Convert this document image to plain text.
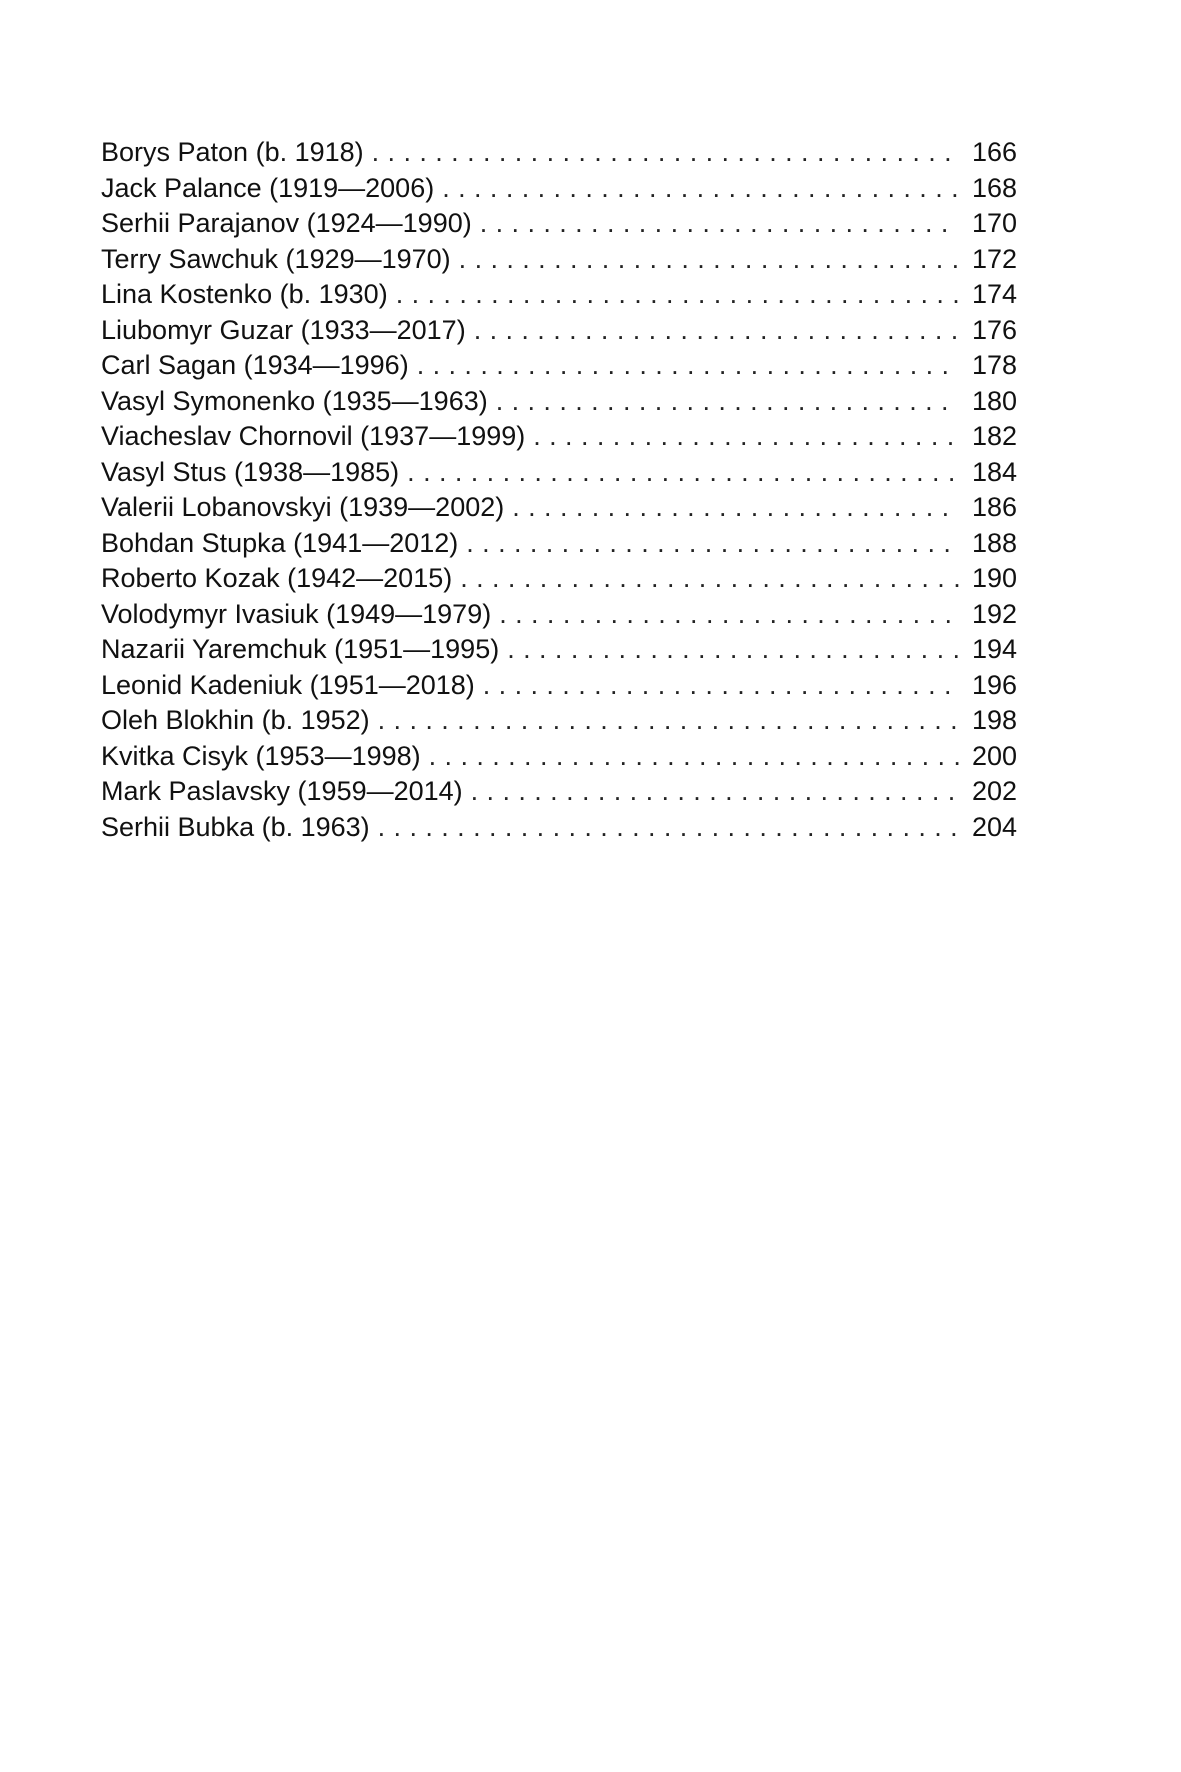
Borys Paton (b. 1918) . . .	166
Jack Palance (1919—2006) . . .	168
Serhii Parajanov (1924—1990) . . .	170
Terry Sawchuk (1929—1970) . . .	172
Lina Kostenko (b. 1930) . . .	174
Liubomyr Guzar (1933—2017) . . .	176
Carl Sagan (1934—1996) . . .	178
Vasyl Symonenko (1935—1963) . . .	180
Viacheslav Chornovil (1937—1999) . . .	182
Vasyl Stus (1938—1985) . . .	184
Valerii Lobanovskyi (1939—2002) . . .	186
Bohdan Stupka (1941—2012) . . .	188
Roberto Kozak (1942—2015) . . .	190
Volodymyr Ivasiuk (1949—1979) . . .	192
Nazarii Yaremchuk (1951—1995) . . .	194
Leonid Kadeniuk (1951—2018) . . .	196
Oleh Blokhin (b. 1952) . . .	198
Kvitka Cisyk (1953—1998) . . .	200
Mark Paslavsky (1959—2014) . . .	202
Serhii Bubka (b. 1963) . . .	204
